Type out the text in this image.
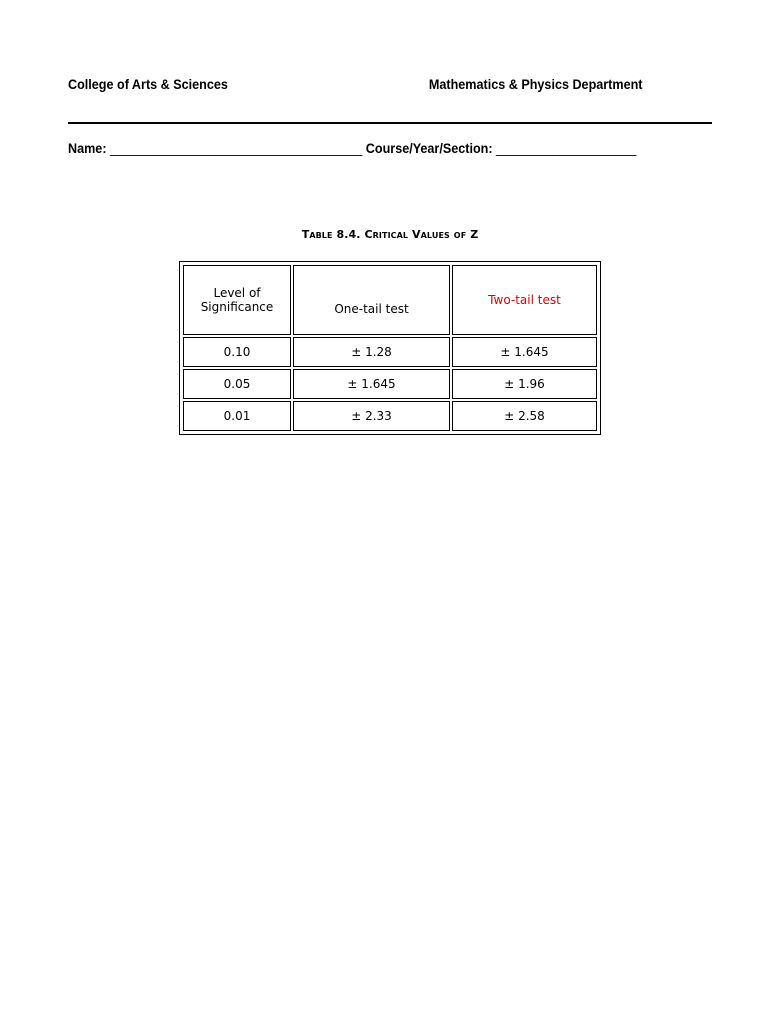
College of Arts & Sciences	Mathematics & Physics Department
Name: ____________________________________ Course/Year/Section: ____________________
Table 8.4. Critical Values of Z
Level of Significance	One-tail test	Two-tail test
0.10	± 1.28	± 1.645
0.05	± 1.645	± 1.96
0.01	± 2.33	± 2.58
